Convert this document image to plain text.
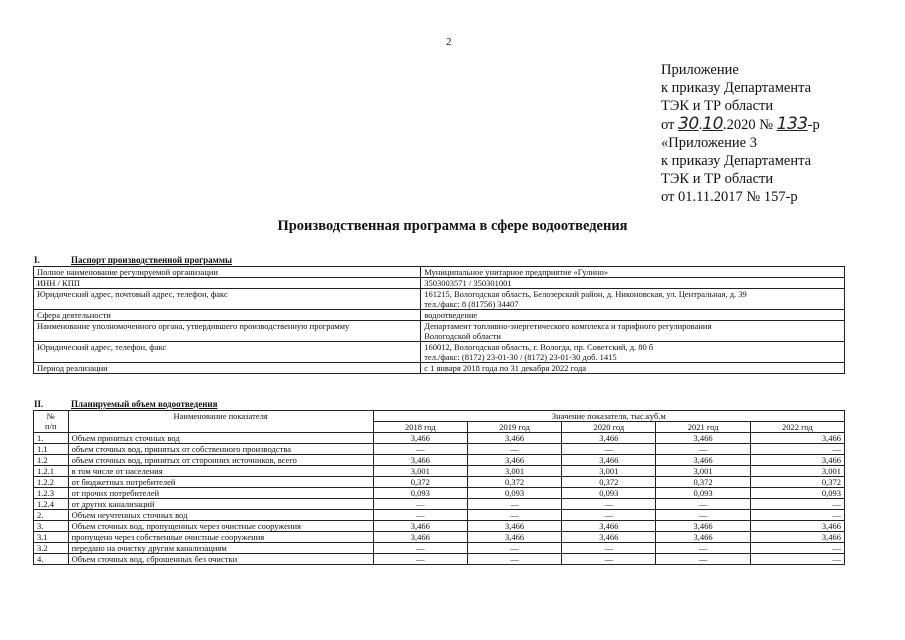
2
Приложение
к приказу Департамента
ТЭК и ТР области
от 30.10.2020 № 133-р
«Приложение 3
к приказу Департамента
ТЭК и ТР области
от 01.11.2017 № 157-р
Производственная программа в сфере водоотведения
I.	Паспорт производственной программы
Полное наименование регулируемой организации	Муниципальное унитарное предприятие «Гулино»

ИНН / КПП	3503003571 / 350301001

Юридический адрес, почтовый адрес, телефон, факс	161215, Вологодская область, Белозерский район, д. Никоновская, ул. Центральная, д. 39
тел./факс: 8 (81756) 34407

Сфера деятельности	водоотведение

Наименование уполномоченного органа, утвердившего производственную программу	Департамент топливно-энергетического комплекса и тарифного регулирования
Вологодской области

Юридический адрес, телефон, факс	160012, Вологодская область, г. Вологда, пр. Советский, д. 80 б
тел./факс: (8172) 23-01-30 / (8172) 23-01-30 доб. 1415

Период реализации	с 1 января 2018 года по 31 декабря 2022 года
II.	Планируемый объем водоотведения
№
п/п	Наименование показателя	Значение показателя, тыс.куб.м				
		2018 год	2019 год	2020 год	2021 год	2022 год
1.	Объем принятых сточных вод	3,466	3,466	3,466	3,466	3,466
1.1	объем сточных вод, принятых от собственного производства	—	—	—	—	—
1.2	объем сточных вод, принятых от сторонних источников, всего	3,466	3,466	3,466	3,466	3,466
1.2.1	в том числе от населения	3,001	3,001	3,001	3,001	3,001
1.2.2	от бюджетных потребителей	0,372	0,372	0,372	0,372	0,372
1.2.3	от прочих потребителей	0,093	0,093	0,093	0,093	0,093
1.2.4	от других канализаций	—	—	—	—	—
2.	Объем неучтенных сточных вод	—	—	—	—	—
3.	Объем сточных вод, пропущенных через очистные сооружения	3,466	3,466	3,466	3,466	3,466
3.1	пропущено через собственные очистные сооружения	3,466	3,466	3,466	3,466	3,466
3.2	передано на очистку другим канализациям	—	—	—	—	—
4.	Объем сточных вод, сброшенных без очистки	—	—	—	—	—
